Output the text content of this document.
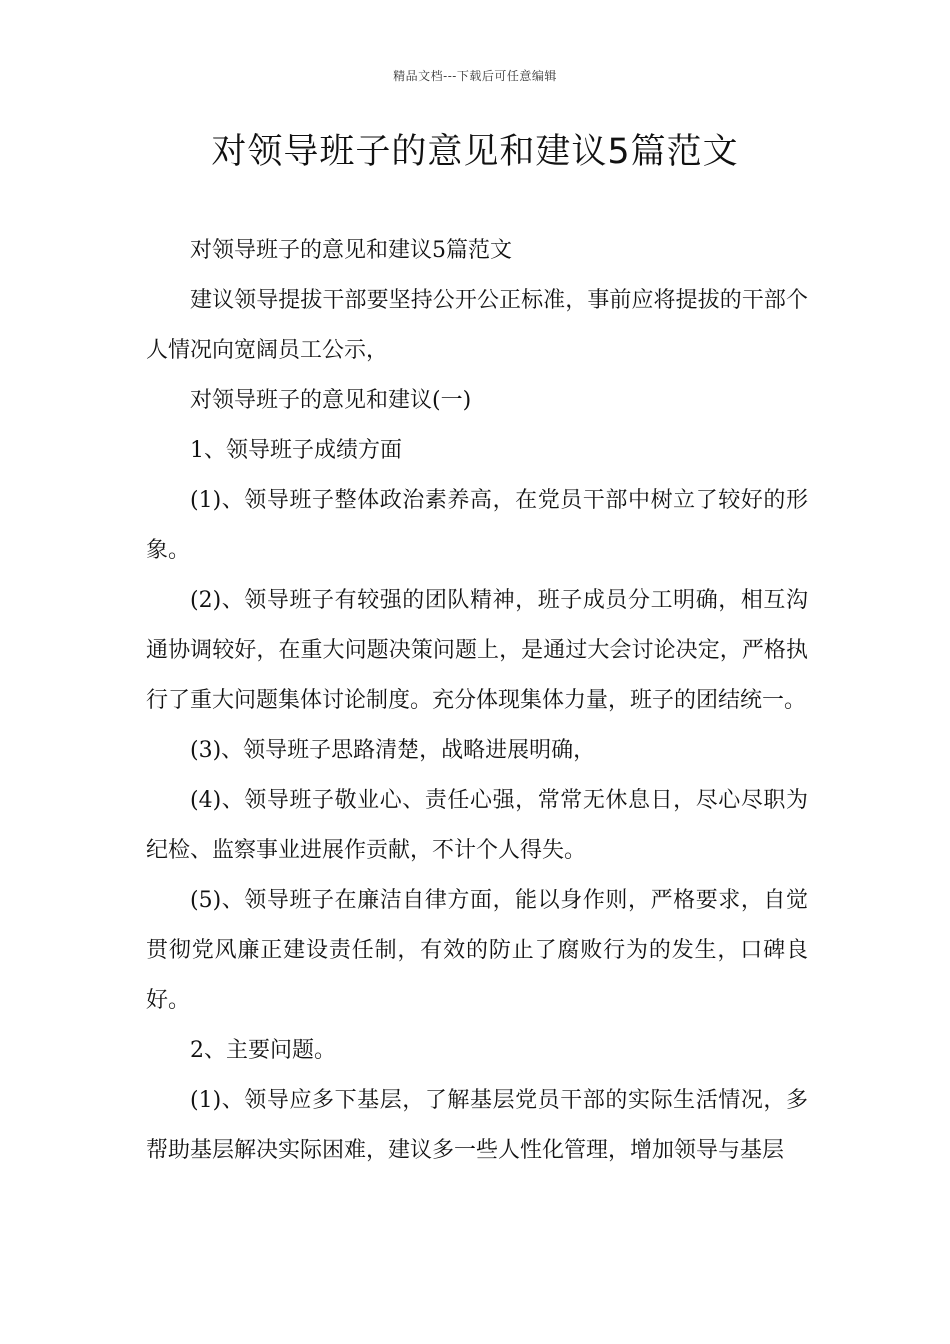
精品文档---下载后可任意编辑
对领导班子的意见和建议5篇范文

对领导班子的意见和建议5篇范文

建议领导提拔干部要坚持公开公正标准，事前应将提拔的干部个人情况向宽阔员工公示，

对领导班子的意见和建议(一)

1、领导班子成绩方面

(1)、领导班子整体政治素养高，在党员干部中树立了较好的形象。

(2)、领导班子有较强的团队精神，班子成员分工明确，相互沟通协调较好，在重大问题决策问题上，是通过大会讨论决定，严格执行了重大问题集体讨论制度。充分体现集体力量，班子的团结统一。

(3)、领导班子思路清楚，战略进展明确，

(4)、领导班子敬业心、责任心强，常常无休息日，尽心尽职为纪检、监察事业进展作贡献，不计个人得失。

(5)、领导班子在廉洁自律方面，能以身作则，严格要求，自觉贯彻党风廉正建设责任制，有效的防止了腐败行为的发生，口碑良好。

2、主要问题。

(1)、领导应多下基层，了解基层党员干部的实际生活情况，多帮助基层解决实际困难，建议多一些人性化管理，增加领导与基层
